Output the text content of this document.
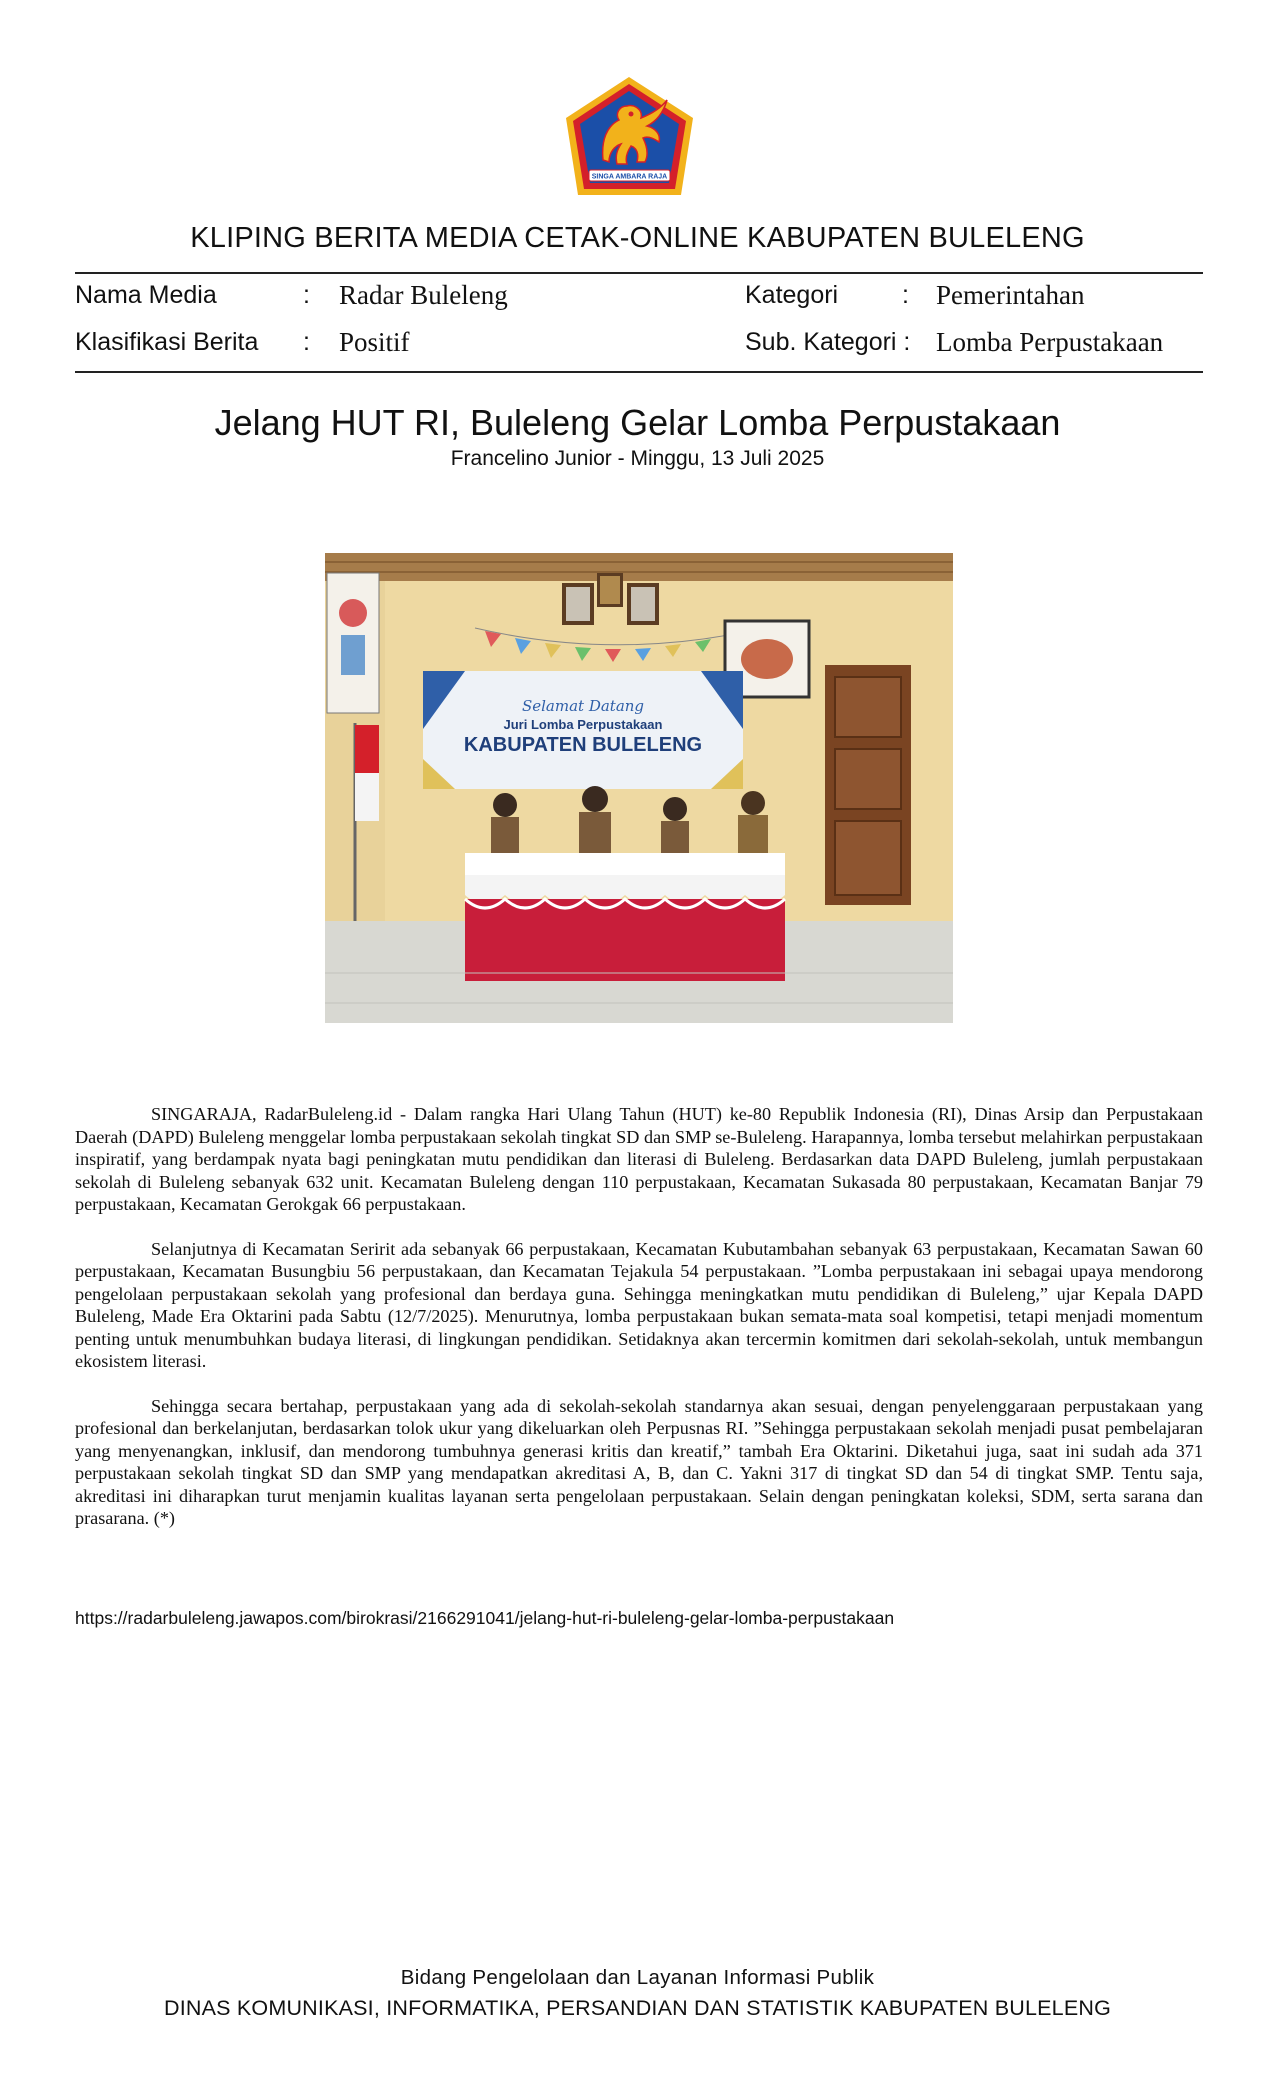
SINGA AMBARA RAJA
KLIPING BERITA MEDIA CETAK-ONLINE KABUPATEN BULELENG
Nama Media	: Radar Buleleng
Klasifikasi Berita : Positif
Kategori	: Pemerintahan
Sub. Kategori : Lomba Perpustakaan
Jelang HUT RI, Buleleng Gelar Lomba Perpustakaan
Francelino Junior - Minggu, 13 Juli 2025
Selamat Datang
Juri Lomba Perpustakaan
KABUPATEN BULELENG

SINGARAJA, RadarBuleleng.id - Dalam rangka Hari Ulang Tahun (HUT) ke-80 Republik Indonesia (RI), Dinas Arsip dan Perpustakaan Daerah (DAPD) Buleleng menggelar lomba perpustakaan sekolah tingkat SD dan SMP se-Buleleng. Harapannya, lomba tersebut melahirkan perpustakaan inspiratif, yang berdampak nyata bagi peningkatan mutu pendidikan dan literasi di Buleleng. Berdasarkan data DAPD Buleleng, jumlah perpustakaan sekolah di Buleleng sebanyak 632 unit. Kecamatan Buleleng dengan 110 perpustakaan, Kecamatan Sukasada 80 perpustakaan, Kecamatan Banjar 79 perpustakaan, Kecamatan Gerokgak 66 perpustakaan.

Selanjutnya di Kecamatan Seririt ada sebanyak 66 perpustakaan, Kecamatan Kubutambahan sebanyak 63 perpustakaan, Kecamatan Sawan 60 perpustakaan, Kecamatan Busungbiu 56 perpustakaan, dan Kecamatan Tejakula 54 perpustakaan. ”Lomba perpustakaan ini sebagai upaya mendorong pengelolaan perpustakaan sekolah yang profesional dan berdaya guna. Sehingga meningkatkan mutu pendidikan di Buleleng,” ujar Kepala DAPD Buleleng, Made Era Oktarini pada Sabtu (12/7/2025). Menurutnya, lomba perpustakaan bukan semata-mata soal kompetisi, tetapi menjadi momentum penting untuk menumbuhkan budaya literasi, di lingkungan pendidikan. Setidaknya akan tercermin komitmen dari sekolah-sekolah, untuk membangun ekosistem literasi.

Sehingga secara bertahap, perpustakaan yang ada di sekolah-sekolah standarnya akan sesuai, dengan penyelenggaraan perpustakaan yang profesional dan berkelanjutan, berdasarkan tolok ukur yang dikeluarkan oleh Perpusnas RI. ”Sehingga perpustakaan sekolah menjadi pusat pembelajaran yang menyenangkan, inklusif, dan mendorong tumbuhnya generasi kritis dan kreatif,” tambah Era Oktarini. Diketahui juga, saat ini sudah ada 371 perpustakaan sekolah tingkat SD dan SMP yang mendapatkan akreditasi A, B, dan C. Yakni 317 di tingkat SD dan 54 di tingkat SMP. Tentu saja, akreditasi ini diharapkan turut menjamin kualitas layanan serta pengelolaan perpustakaan. Selain dengan peningkatan koleksi, SDM, serta sarana dan prasarana. (*)

https://radarbuleleng.jawapos.com/birokrasi/2166291041/jelang-hut-ri-buleleng-gelar-lomba-perpustakaan
Bidang Pengelolaan dan Layanan Informasi Publik
DINAS KOMUNIKASI, INFORMATIKA, PERSANDIAN DAN STATISTIK KABUPATEN BULELENG
